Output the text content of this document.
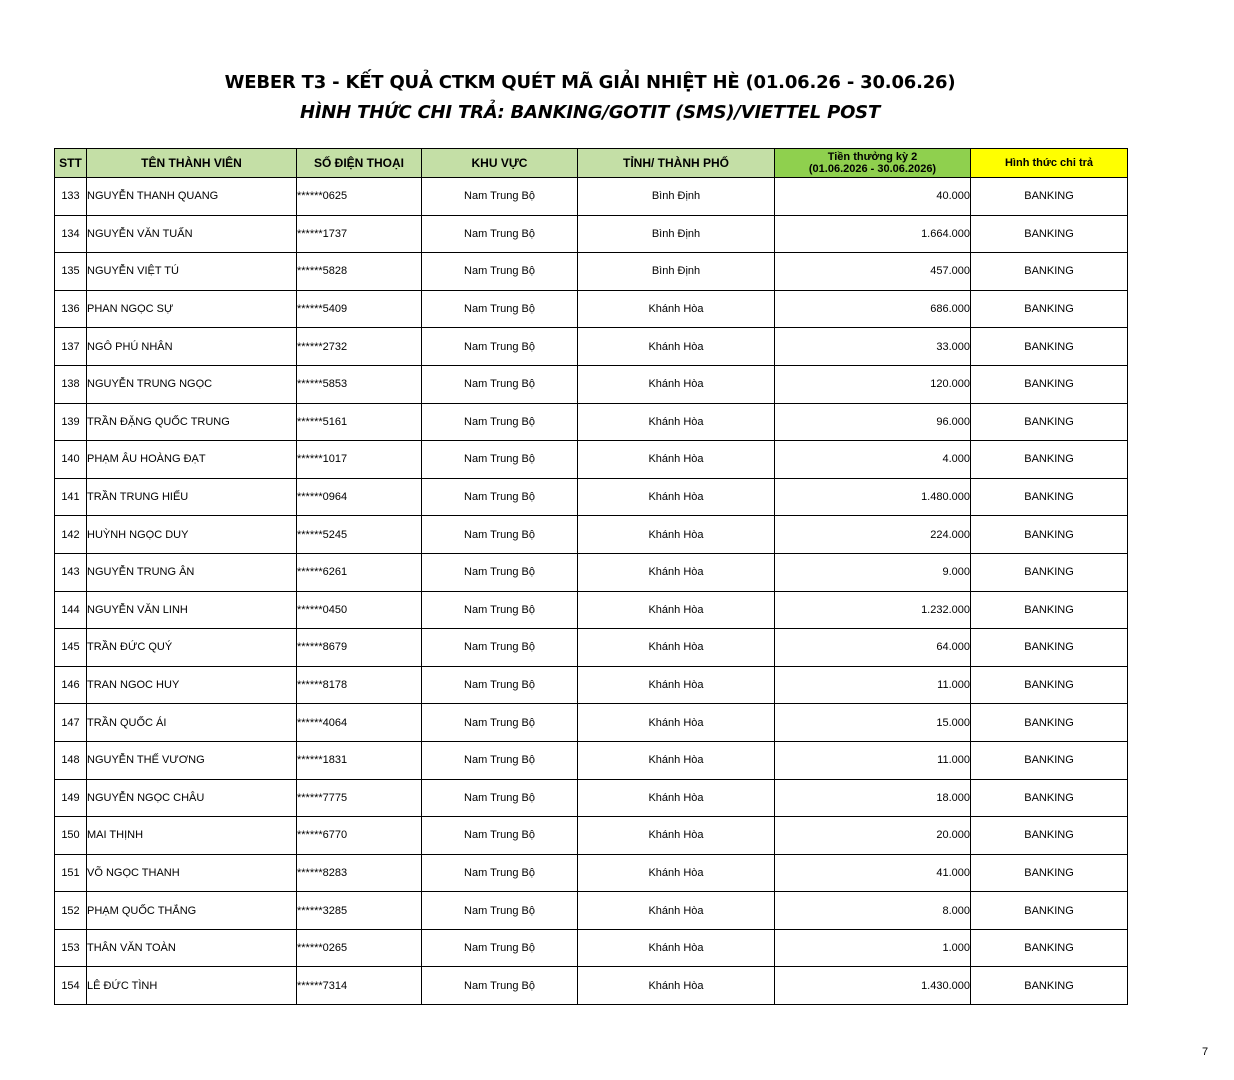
WEBER T3 - KẾT QUẢ CTKM QUÉT MÃ GIẢI NHIỆT HÈ (01.06.26 - 30.06.26)
HÌNH THỨC CHI TRẢ: BANKING/GOTIT (SMS)/VIETTEL POST
STT	TÊN THÀNH VIÊN	SỐ ĐIỆN THOẠI	KHU VỰC	TỈNH/ THÀNH PHỐ	Tiền thưởng kỳ 2
(01.06.2026 - 30.06.2026)	Hình thức chi trả
133	NGUYỄN THANH QUANG	******0625	Nam Trung Bộ	Bình Định	40.000	BANKING
134	NGUYỄN VĂN TUẤN	******1737	Nam Trung Bộ	Bình Định	1.664.000	BANKING
135	NGUYỄN VIỆT TÚ	******5828	Nam Trung Bộ	Bình Định	457.000	BANKING
136	PHAN NGỌC SỰ	******5409	Nam Trung Bộ	Khánh Hòa	686.000	BANKING
137	NGÔ PHÚ NHÂN	******2732	Nam Trung Bộ	Khánh Hòa	33.000	BANKING
138	NGUYỄN TRUNG NGỌC	******5853	Nam Trung Bộ	Khánh Hòa	120.000	BANKING
139	TRẦN ĐẶNG QUỐC TRUNG	******5161	Nam Trung Bộ	Khánh Hòa	96.000	BANKING
140	PHẠM ÂU HOÀNG ĐẠT	******1017	Nam Trung Bộ	Khánh Hòa	4.000	BANKING
141	TRẦN TRUNG HIẾU	******0964	Nam Trung Bộ	Khánh Hòa	1.480.000	BANKING
142	HUỲNH NGỌC DUY	******5245	Nam Trung Bộ	Khánh Hòa	224.000	BANKING
143	NGUYỄN TRUNG ÂN	******6261	Nam Trung Bộ	Khánh Hòa	9.000	BANKING
144	NGUYỄN VĂN LINH	******0450	Nam Trung Bộ	Khánh Hòa	1.232.000	BANKING
145	TRẦN ĐỨC QUÝ	******8679	Nam Trung Bộ	Khánh Hòa	64.000	BANKING
146	TRAN NGOC HUY	******8178	Nam Trung Bộ	Khánh Hòa	11.000	BANKING
147	TRẦN QUỐC ÁI	******4064	Nam Trung Bộ	Khánh Hòa	15.000	BANKING
148	NGUYỄN THẾ VƯƠNG	******1831	Nam Trung Bộ	Khánh Hòa	11.000	BANKING
149	NGUYỄN NGỌC CHÂU	******7775	Nam Trung Bộ	Khánh Hòa	18.000	BANKING
150	MAI THỊNH	******6770	Nam Trung Bộ	Khánh Hòa	20.000	BANKING
151	VÕ NGỌC THANH	******8283	Nam Trung Bộ	Khánh Hòa	41.000	BANKING
152	PHẠM QUỐC THẮNG	******3285	Nam Trung Bộ	Khánh Hòa	8.000	BANKING
153	THÂN VĂN TOÀN	******0265	Nam Trung Bộ	Khánh Hòa	1.000	BANKING
154	LÊ ĐỨC TÌNH	******7314	Nam Trung Bộ	Khánh Hòa	1.430.000	BANKING
7
